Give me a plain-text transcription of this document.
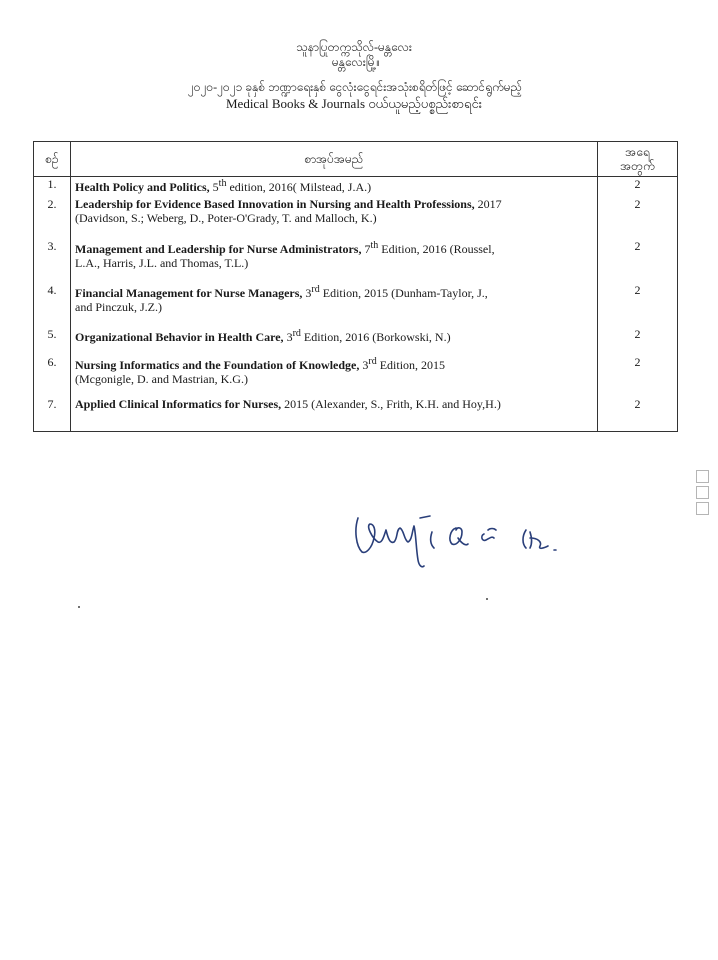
သူနာပြုတက္ကသိုလ်-မန္တလေး
မန္တလေးမြို့။
၂၀၂၀-၂၀၂၁ ခုနှစ် ဘဏ္ဍာရေးနှစ် ငွေလုံးငွေရင်းအသုံးစရိတ်ဖြင့် ဆောင်ရွက်မည့်
Medical Books & Journals ဝယ်ယူမည့်ပစ္စည်းစာရင်း
စဉ်	စာအုပ်အမည်	အရေ
အတွက်

1.	Health Policy and Politics, 5th edition, 2016( Milstead, J.A.)	2
2.	Leadership for Evidence Based Innovation in Nursing and Health Professions, 2017
(Davidson, S.; Weberg, D., Poter-O'Grady, T. and Malloch, K.)	2
3.	Management and Leadership for Nurse Administrators, 7th Edition, 2016 (Roussel,
L.A., Harris, J.L. and Thomas, T.L.)	2
4.	Financial Management for Nurse Managers, 3rd Edition, 2015 (Dunham-Taylor, J.,
and Pinczuk, J.Z.)	2
5.	Organizational Behavior in Health Care, 3rd Edition, 2016 (Borkowski, N.)	2
6.	Nursing Informatics and the Foundation of Knowledge, 3rd Edition, 2015
(Mcgonigle, D. and Mastrian, K.G.)	2
7.	Applied Clinical Informatics for Nurses, 2015 (Alexander, S., Frith, K.H. and Hoy,H.)	2
